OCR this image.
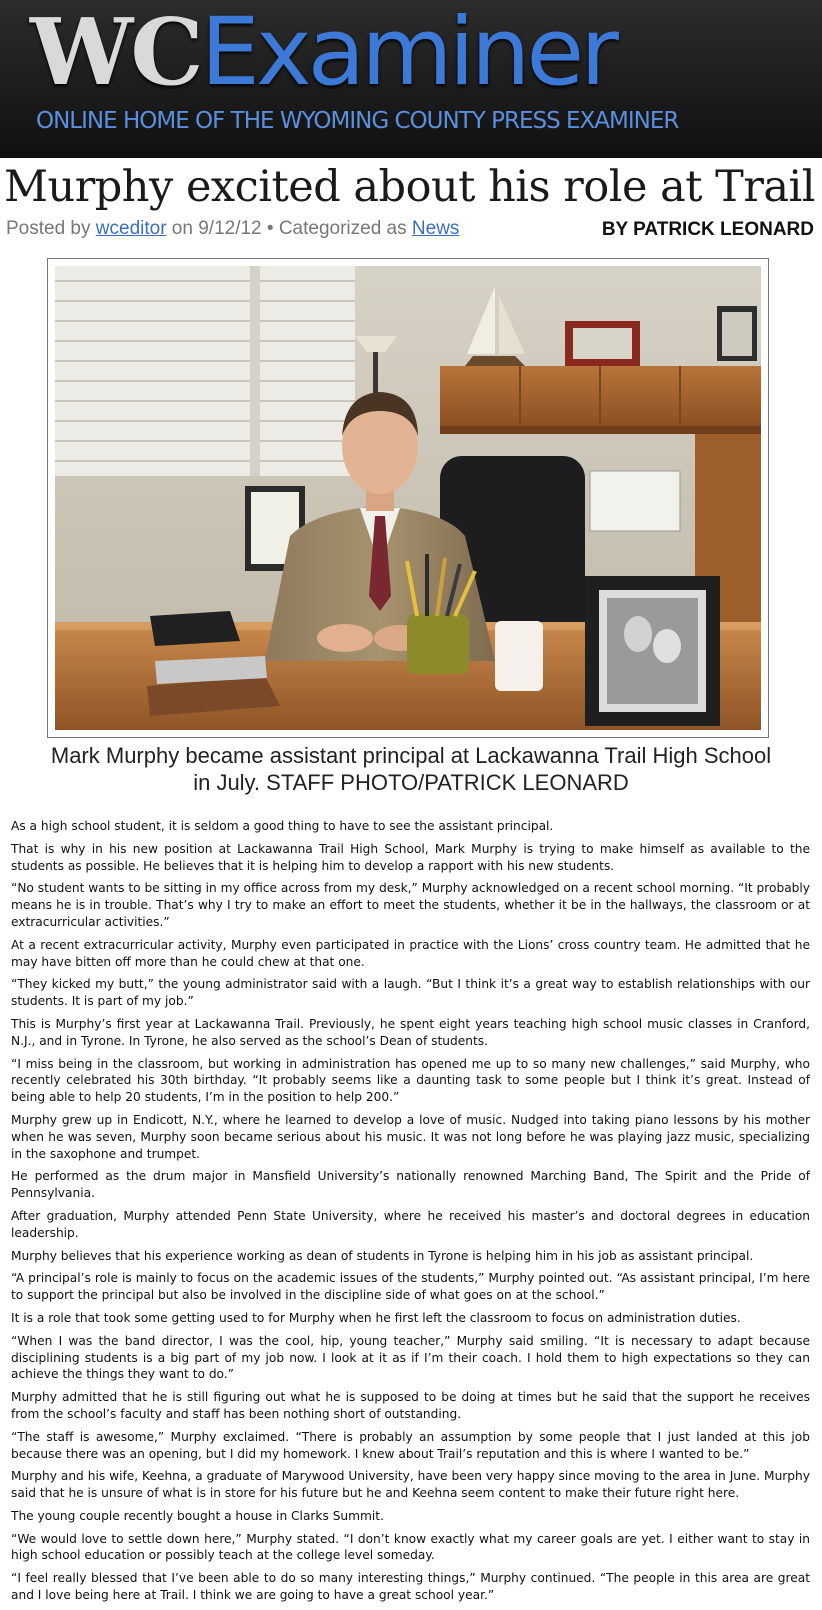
WCExaminer
ONLINE HOME OF THE WYOMING COUNTY PRESS EXAMINER
Murphy excited about his role at Trail
Posted by wceditor on 9/12/12 • Categorized as News	BY PATRICK LEONARD
Mark Murphy became assistant principal at Lackawanna Trail High School in July. STAFF PHOTO/PATRICK LEONARD

As a high school student, it is seldom a good thing to have to see the assistant principal.

That is why in his new position at Lackawanna Trail High School, Mark Murphy is trying to make himself as available to the students as possible. He believes that it is helping him to develop a rapport with his new students.

“No student wants to be sitting in my office across from my desk,” Murphy acknowledged on a recent school morning. “It probably means he is in trouble. That’s why I try to make an effort to meet the students, whether it be in the hallways, the classroom or at extracurricular activities.”

At a recent extracurricular activity, Murphy even participated in practice with the Lions’ cross country team. He admitted that he may have bitten off more than he could chew at that one.

“They kicked my butt,” the young administrator said with a laugh. “But I think it’s a great way to establish relationships with our students. It is part of my job.”

This is Murphy’s first year at Lackawanna Trail. Previously, he spent eight years teaching high school music classes in Cranford, N.J., and in Tyrone. In Tyrone, he also served as the school’s Dean of students.

“I miss being in the classroom, but working in administration has opened me up to so many new challenges,” said Murphy, who recently celebrated his 30th birthday. “It probably seems like a daunting task to some people but I think it’s great. Instead of being able to help 20 students, I’m in the position to help 200.”

Murphy grew up in Endicott, N.Y., where he learned to develop a love of music. Nudged into taking piano lessons by his mother when he was seven, Murphy soon became serious about his music. It was not long before he was playing jazz music, specializing in the saxophone and trumpet.

He performed as the drum major in Mansfield University’s nationally renowned Marching Band, The Spirit and the Pride of Pennsylvania.

After graduation, Murphy attended Penn State University, where he received his master’s and doctoral degrees in education leadership.

Murphy believes that his experience working as dean of students in Tyrone is helping him in his job as assistant principal.

“A principal’s role is mainly to focus on the academic issues of the students,” Murphy pointed out. “As assistant principal, I’m here to support the principal but also be involved in the discipline side of what goes on at the school.”

It is a role that took some getting used to for Murphy when he first left the classroom to focus on administration duties.

“When I was the band director, I was the cool, hip, young teacher,” Murphy said smiling. “It is necessary to adapt because disciplining students is a big part of my job now. I look at it as if I’m their coach. I hold them to high expectations so they can achieve the things they want to do.”

Murphy admitted that he is still figuring out what he is supposed to be doing at times but he said that the support he receives from the school’s faculty and staff has been nothing short of outstanding.

“The staff is awesome,” Murphy exclaimed. “There is probably an assumption by some people that I just landed at this job because there was an opening, but I did my homework. I knew about Trail’s reputation and this is where I wanted to be.”

Murphy and his wife, Keehna, a graduate of Marywood University, have been very happy since moving to the area in June. Murphy said that he is unsure of what is in store for his future but he and Keehna seem content to make their future right here.

The young couple recently bought a house in Clarks Summit.

“We would love to settle down here,” Murphy stated. “I don’t know exactly what my career goals are yet. I either want to stay in high school education or possibly teach at the college level someday.

“I feel really blessed that I’ve been able to do so many interesting things,” Murphy continued. “The people in this area are great and I love being here at Trail. I think we are going to have a great school year.”
